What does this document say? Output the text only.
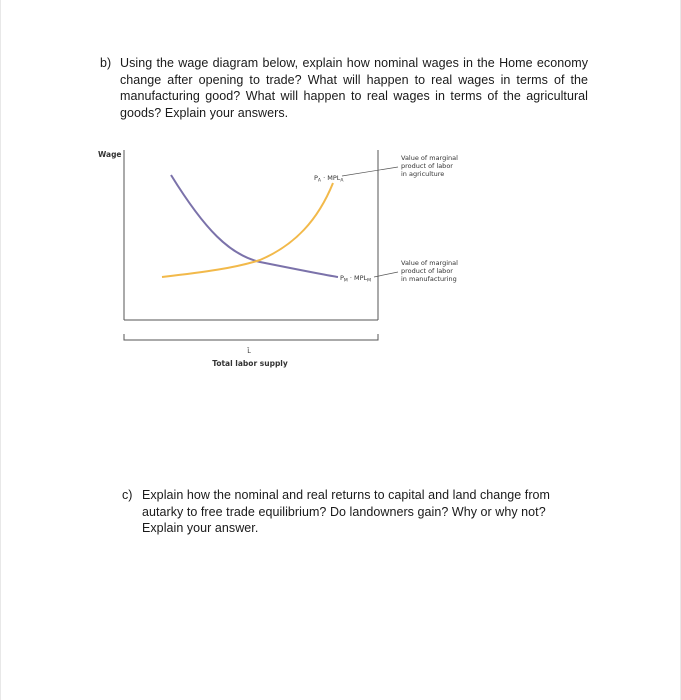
b) Using the wage diagram below, explain how nominal wages in the Home economy change after opening to trade? What will happen to real wages in terms of the manufacturing good? What will happen to real wages in terms of the agricultural goods? Explain your answers.
Wage
L̄
Total labor supply
$P_A \cdot MPL_A$
$P_M \cdot MPL_M$
Value of marginal product of labor in agriculture
Value of marginal product of labor in manufacturing
c) Explain how the nominal and real returns to capital and land change from autarky to free trade equilibrium? Do landowners gain? Why or why not? Explain your answer.
